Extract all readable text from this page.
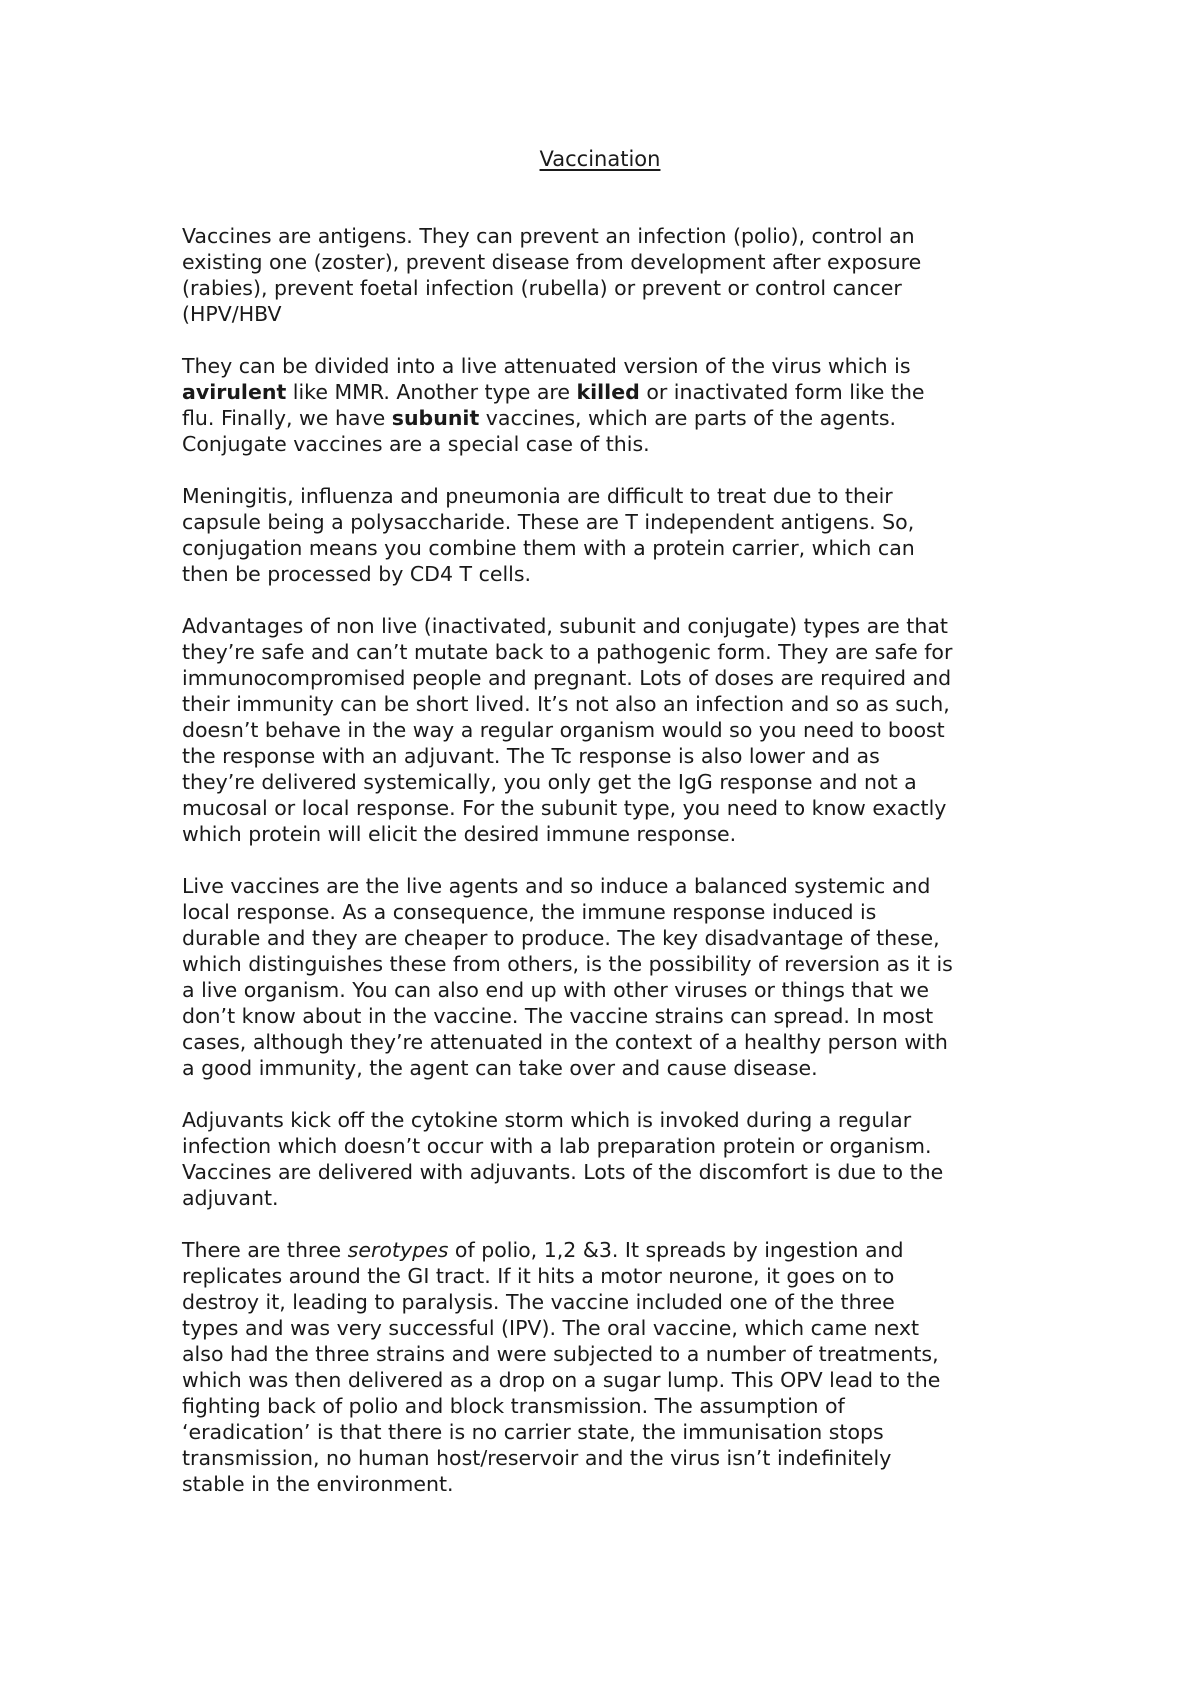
Vaccination

Vaccines are antigens. They can prevent an infection (polio), control an
existing one (zoster), prevent disease from development after exposure
(rabies), prevent foetal infection (rubella) or prevent or control cancer
(HPV/HBV

They can be divided into a live attenuated version of the virus which is
avirulent like MMR. Another type are killed or inactivated form like the
flu. Finally, we have subunit vaccines, which are parts of the agents.
Conjugate vaccines are a special case of this.

Meningitis, influenza and pneumonia are difficult to treat due to their
capsule being a polysaccharide. These are T independent antigens. So,
conjugation means you combine them with a protein carrier, which can
then be processed by CD4 T cells.

Advantages of non live (inactivated, subunit and conjugate) types are that
they’re safe and can’t mutate back to a pathogenic form. They are safe for
immunocompromised people and pregnant. Lots of doses are required and
their immunity can be short lived. It’s not also an infection and so as such,
doesn’t behave in the way a regular organism would so you need to boost
the response with an adjuvant. The Tc response is also lower and as
they’re delivered systemically, you only get the IgG response and not a
mucosal or local response. For the subunit type, you need to know exactly
which protein will elicit the desired immune response.

Live vaccines are the live agents and so induce a balanced systemic and
local response. As a consequence, the immune response induced is
durable and they are cheaper to produce. The key disadvantage of these,
which distinguishes these from others, is the possibility of reversion as it is
a live organism. You can also end up with other viruses or things that we
don’t know about in the vaccine. The vaccine strains can spread. In most
cases, although they’re attenuated in the context of a healthy person with
a good immunity, the agent can take over and cause disease.

Adjuvants kick off the cytokine storm which is invoked during a regular
infection which doesn’t occur with a lab preparation protein or organism.
Vaccines are delivered with adjuvants. Lots of the discomfort is due to the
adjuvant.

There are three serotypes of polio, 1,2 &3. It spreads by ingestion and
replicates around the GI tract. If it hits a motor neurone, it goes on to
destroy it, leading to paralysis. The vaccine included one of the three
types and was very successful (IPV). The oral vaccine, which came next
also had the three strains and were subjected to a number of treatments,
which was then delivered as a drop on a sugar lump. This OPV lead to the
fighting back of polio and block transmission. The assumption of
‘eradication’ is that there is no carrier state, the immunisation stops
transmission, no human host/reservoir and the virus isn’t indefinitely
stable in the environment.
